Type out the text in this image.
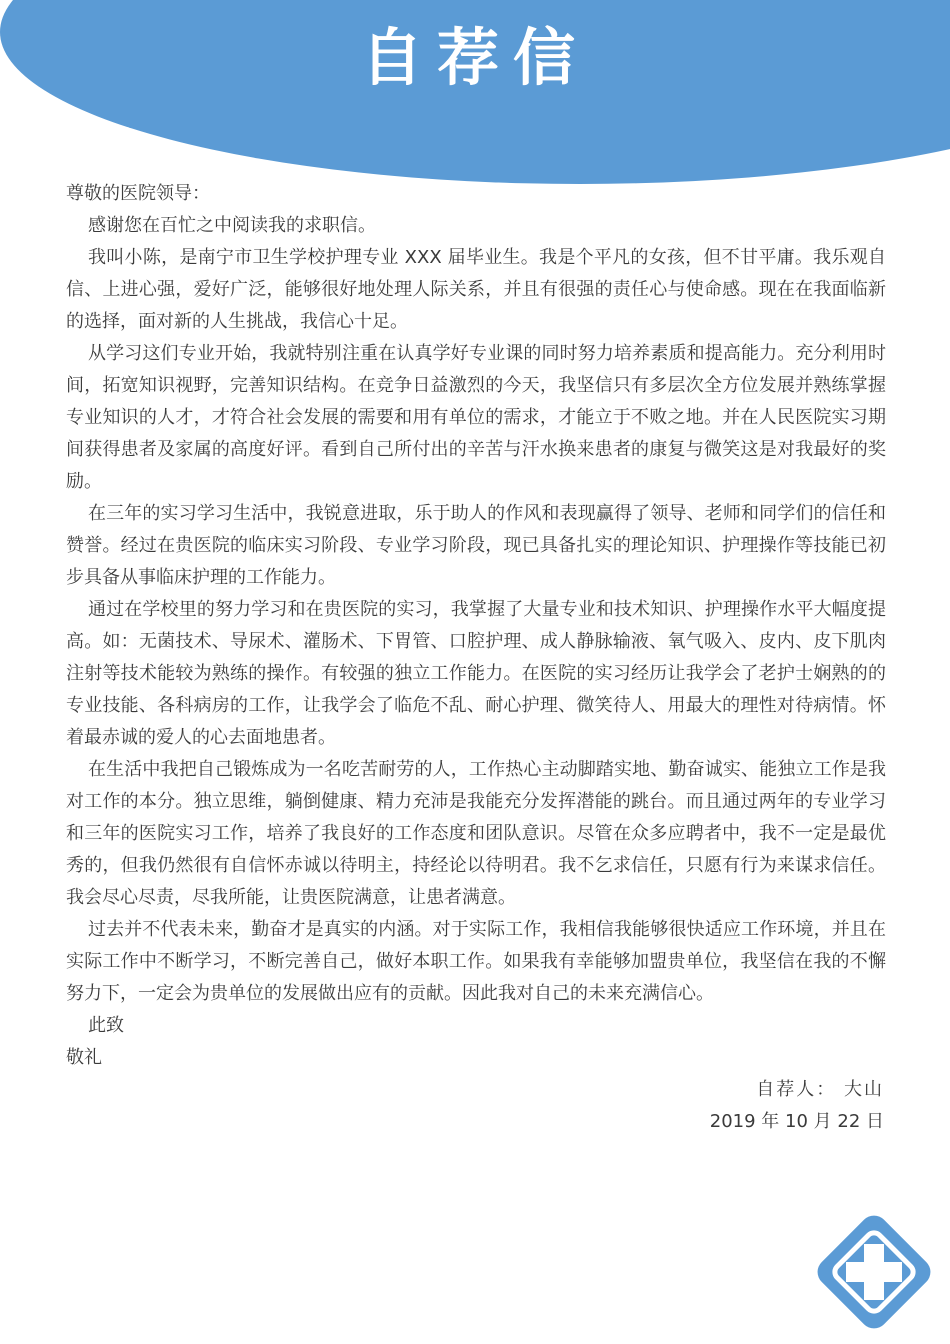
自荐信

尊敬的医院领导：

感谢您在百忙之中阅读我的求职信。

我叫小陈，是南宁市卫生学校护理专业 XXX 届毕业生。我是个平凡的女孩，但不甘平庸。我乐观自信、上进心强，爱好广泛，能够很好地处理人际关系，并且有很强的责任心与使命感。现在在我面临新的选择，面对新的人生挑战，我信心十足。

从学习这们专业开始，我就特别注重在认真学好专业课的同时努力培养素质和提高能力。充分利用时间，拓宽知识视野，完善知识结构。在竞争日益激烈的今天，我坚信只有多层次全方位发展并熟练掌握专业知识的人才，才符合社会发展的需要和用有单位的需求，才能立于不败之地。并在人民医院实习期间获得患者及家属的高度好评。看到自己所付出的辛苦与汗水换来患者的康复与微笑这是对我最好的奖励。

在三年的实习学习生活中，我锐意进取，乐于助人的作风和表现赢得了领导、老师和同学们的信任和赞誉。经过在贵医院的临床实习阶段、专业学习阶段，现已具备扎实的理论知识、护理操作等技能已初步具备从事临床护理的工作能力。

通过在学校里的努力学习和在贵医院的实习，我掌握了大量专业和技术知识、护理操作水平大幅度提高。如：无菌技术、导尿术、灌肠术、下胃管、口腔护理、成人静脉输液、氧气吸入、皮内、皮下肌肉注射等技术能较为熟练的操作。有较强的独立工作能力。在医院的实习经历让我学会了老护士娴熟的的专业技能、各科病房的工作，让我学会了临危不乱、耐心护理、微笑待人、用最大的理性对待病情。怀着最赤诚的爱人的心去面地患者。

在生活中我把自己锻炼成为一名吃苦耐劳的人，工作热心主动脚踏实地、勤奋诚实、能独立工作是我对工作的本分。独立思维，躺倒健康、精力充沛是我能充分发挥潜能的跳台。而且通过两年的专业学习和三年的医院实习工作，培养了我良好的工作态度和团队意识。尽管在众多应聘者中，我不一定是最优秀的，但我仍然很有自信怀赤诚以待明主，持经论以待明君。我不乞求信任，只愿有行为来谋求信任。我会尽心尽责，尽我所能，让贵医院满意，让患者满意。

过去并不代表未来，勤奋才是真实的内涵。对于实际工作，我相信我能够很快适应工作环境，并且在实际工作中不断学习，不断完善自己，做好本职工作。如果我有幸能够加盟贵单位，我坚信在我的不懈努力下，一定会为贵单位的发展做出应有的贡献。因此我对自己的未来充满信心。

此致

敬礼

自荐人： 大山
2019 年 10 月 22 日
